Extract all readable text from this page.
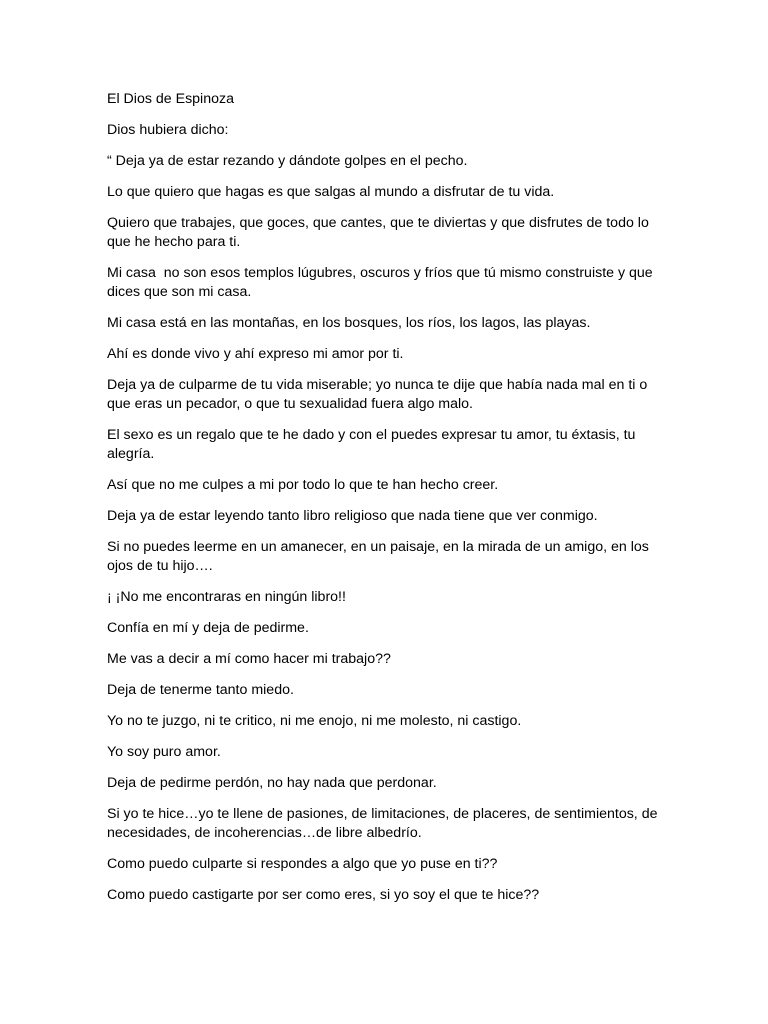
El Dios de Espinoza

Dios hubiera dicho:

“ Deja ya de estar rezando y dándote golpes en el pecho.

Lo que quiero que hagas es que salgas al mundo a disfrutar de tu vida.

Quiero que trabajes, que goces, que cantes, que te diviertas y que disfrutes de todo lo que he hecho para ti.

Mi casa  no son esos templos lúgubres, oscuros y fríos que tú mismo construiste y que dices que son mi casa.

Mi casa está en las montañas, en los bosques, los ríos, los lagos, las playas.

Ahí es donde vivo y ahí expreso mi amor por ti.

Deja ya de culparme de tu vida miserable; yo nunca te dije que había nada mal en ti o que eras un pecador, o que tu sexualidad fuera algo malo.

El sexo es un regalo que te he dado y con el puedes expresar tu amor, tu éxtasis, tu alegría.

Así que no me culpes a mi por todo lo que te han hecho creer.

Deja ya de estar leyendo tanto libro religioso que nada tiene que ver conmigo.

Si no puedes leerme en un amanecer, en un paisaje, en la mirada de un amigo, en los ojos de tu hijo….

¡ ¡No me encontraras en ningún libro!!

Confía en mí y deja de pedirme.

Me vas a decir a mí como hacer mi trabajo??

Deja de tenerme tanto miedo.

Yo no te juzgo, ni te critico, ni me enojo, ni me molesto, ni castigo.

Yo soy puro amor.

Deja de pedirme perdón, no hay nada que perdonar.

Si yo te hice…yo te llene de pasiones, de limitaciones, de placeres, de sentimientos, de necesidades, de incoherencias…de libre albedrío.

Como puedo culparte si respondes a algo que yo puse en ti??

Como puedo castigarte por ser como eres, si yo soy el que te hice??
